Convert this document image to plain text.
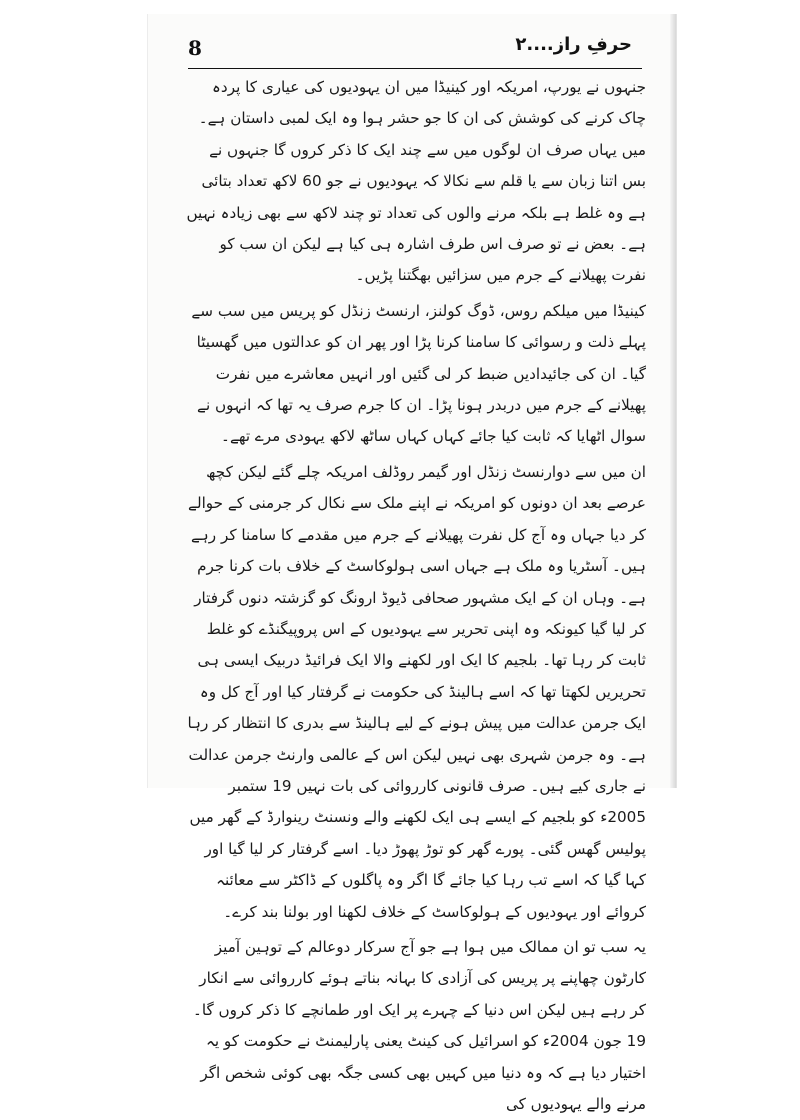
8	حرفِ راز....۲

جنہوں نے یورپ، امریکہ اور کینیڈا میں ان یہودیوں کی عیاری کا پردہ چاک کرنے کی کوشش کی ان کا جو حشر ہوا وہ ایک لمبی داستان ہے۔ میں یہاں صرف ان لوگوں میں سے چند ایک کا ذکر کروں گا جنہوں نے بس اتنا زبان سے یا قلم سے نکالا کہ یہودیوں نے جو 60 لاکھ تعداد بتائی ہے وہ غلط ہے بلکہ مرنے والوں کی تعداد تو چند لاکھ سے بھی زیادہ نہیں ہے۔ بعض نے تو صرف اس طرف اشارہ ہی کیا ہے لیکن ان سب کو نفرت پھیلانے کے جرم میں سزائیں بھگتنا پڑیں۔

کینیڈا میں میلکم روس، ڈوگ کولنز، ارنسٹ زنڈل کو پریس میں سب سے پہلے ذلت و رسوائی کا سامنا کرنا پڑا اور پھر ان کو عدالتوں میں گھسیٹا گیا۔ ان کی جائیدادیں ضبط کر لی گئیں اور انہیں معاشرے میں نفرت پھیلانے کے جرم میں دربدر ہونا پڑا۔ ان کا جرم صرف یہ تھا کہ انہوں نے سوال اٹھایا کہ ثابت کیا جائے کہاں کہاں ساٹھ لاکھ یہودی مرے تھے۔

ان میں سے دوارنسٹ زنڈل اور گیمر روڈلف امریکہ چلے گئے لیکن کچھ عرصے بعد ان دونوں کو امریکہ نے اپنے ملک سے نکال کر جرمنی کے حوالے کر دیا جہاں وہ آج کل نفرت پھیلانے کے جرم میں مقدمے کا سامنا کر رہے ہیں۔ آسٹریا وہ ملک ہے جہاں اسی ہولوکاسٹ کے خلاف بات کرنا جرم ہے۔ وہاں ان کے ایک مشہور صحافی ڈیوڈ ارونگ کو گزشتہ دنوں گرفتار کر لیا گیا کیونکہ وہ اپنی تحریر سے یہودیوں کے اس پروپیگنڈے کو غلط ثابت کر رہا تھا۔ بلجیم کا ایک اور لکھنے والا ایک فرائیڈ دربیک ایسی ہی تحریریں لکھتا تھا کہ اسے ہالینڈ کی حکومت نے گرفتار کیا اور آج کل وہ ایک جرمن عدالت میں پیش ہونے کے لیے ہالینڈ سے بدری کا انتظار کر رہا ہے۔ وہ جرمن شہری بھی نہیں لیکن اس کے عالمی وارنٹ جرمن عدالت نے جاری کیے ہیں۔ صرف قانونی کارروائی کی بات نہیں 19 ستمبر 2005ء کو بلجیم کے ایسے ہی ایک لکھنے والے ونسنٹ رینوارڈ کے گھر میں پولیس گھس گئی۔ پورے گھر کو توڑ پھوڑ دیا۔ اسے گرفتار کر لیا گیا اور کہا گیا کہ اسے تب رہا کیا جائے گا اگر وہ پاگلوں کے ڈاکٹر سے معائنہ کروائے اور یہودیوں کے ہولوکاسٹ کے خلاف لکھنا اور بولنا بند کرے۔

یہ سب تو ان ممالک میں ہوا ہے جو آج سرکار دوعالم کے توہین آمیز کارٹون چھاپنے پر پریس کی آزادی کا بہانہ بناتے ہوئے کارروائی سے انکار کر رہے ہیں لیکن اس دنیا کے چہرے پر ایک اور طمانچے کا ذکر کروں گا۔ 19 جون 2004ء کو اسرائیل کی کینٹ یعنی پارلیمنٹ نے حکومت کو یہ اختیار دیا ہے کہ وہ دنیا میں کہیں بھی کسی جگہ بھی کوئی شخص اگر مرنے والے یہودیوں کی
